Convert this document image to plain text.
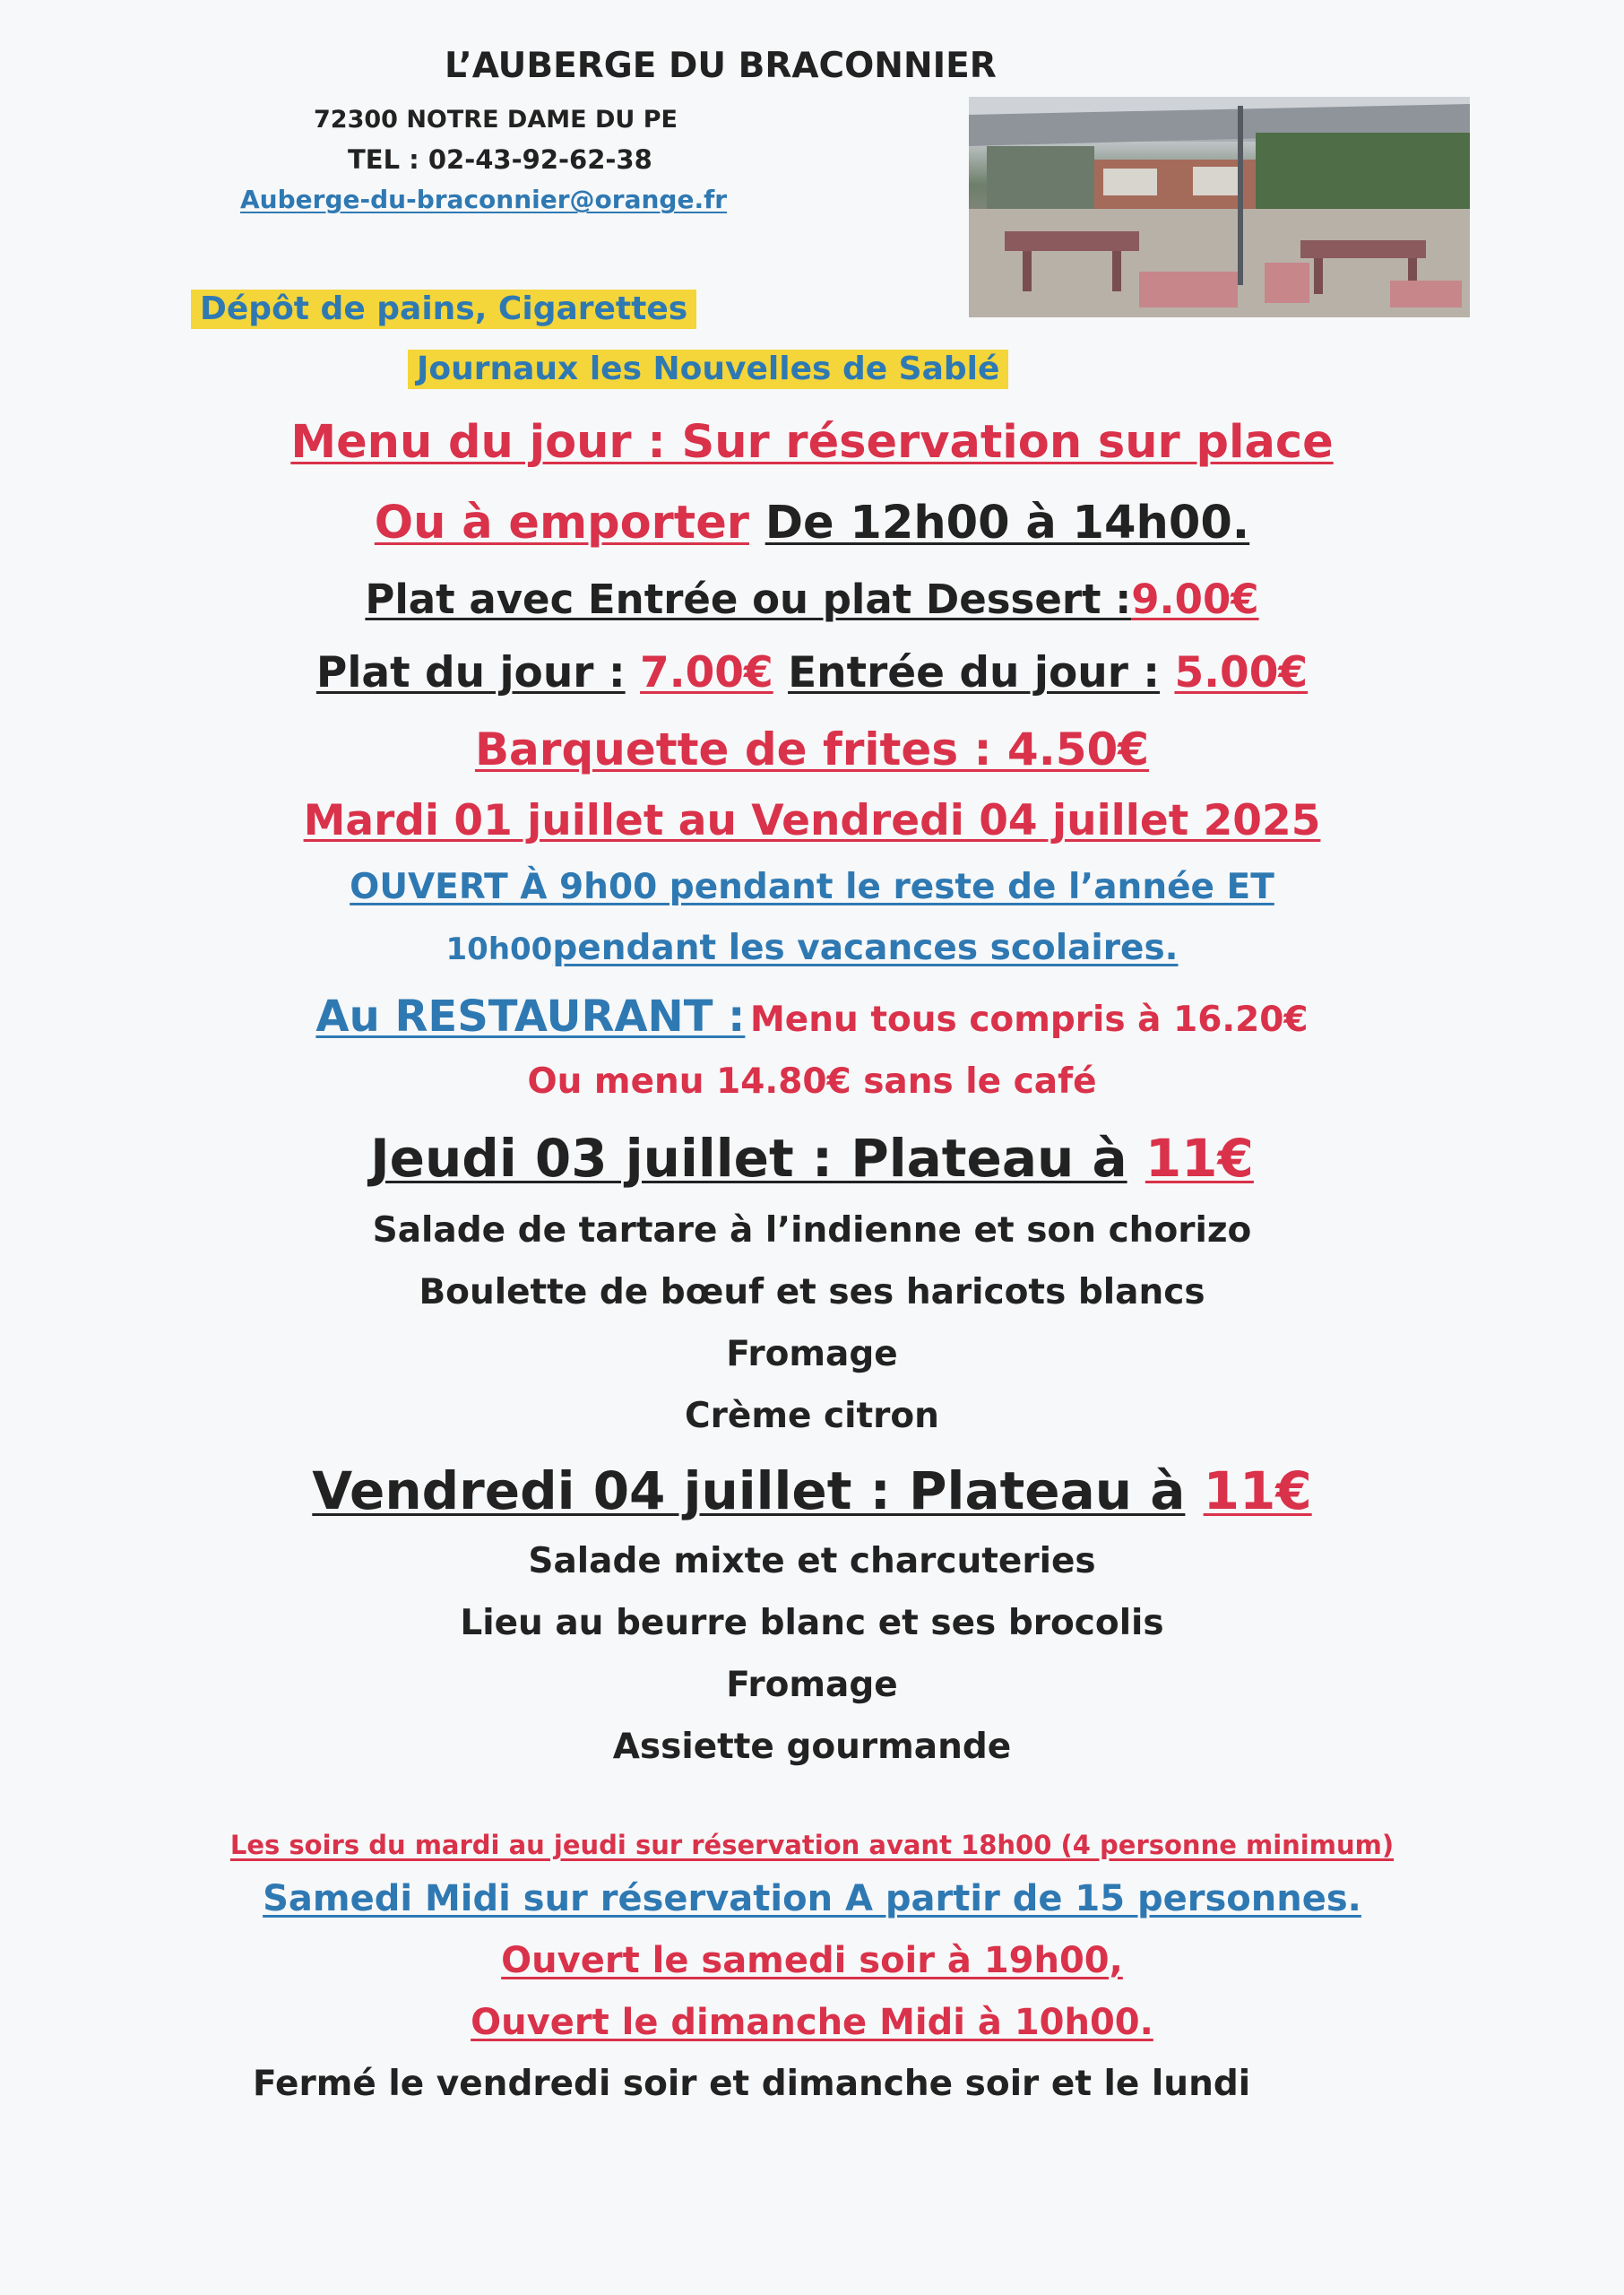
L’AUBERGE DU BRACONNIER
72300 NOTRE DAME DU PE
TEL : 02-43-92-62-38
Auberge-du-braconnier@orange.fr
Dépôt de pains, Cigarettes
Journaux les Nouvelles de Sablé
Menu du jour : Sur réservation sur place
Ou à emporter De 12h00 à 14h00.
Plat avec Entrée ou plat Dessert :9.00€
Plat du jour : 7.00€ Entrée du jour : 5.00€
Barquette de frites : 4.50€
Mardi 01 juillet au Vendredi 04 juillet 2025
OUVERT À 9h00 pendant le reste de l’année ET
10h00pendant les vacances scolaires.
Au RESTAURANT : Menu tous compris à 16.20€
Ou menu 14.80€ sans le café
Jeudi 03 juillet : Plateau à 11€
Salade de tartare à l’indienne et son chorizo
Boulette de bœuf et ses haricots blancs
Fromage
Crème citron
Vendredi 04 juillet : Plateau à 11€
Salade mixte et charcuteries
Lieu au beurre blanc et ses brocolis
Fromage
Assiette gourmande
Les soirs du mardi au jeudi sur réservation avant 18h00 (4 personne minimum)
Samedi Midi sur réservation A partir de 15 personnes.
Ouvert le samedi soir à 19h00,
Ouvert le dimanche Midi à 10h00.
Fermé le vendredi soir et dimanche soir et le lundi
